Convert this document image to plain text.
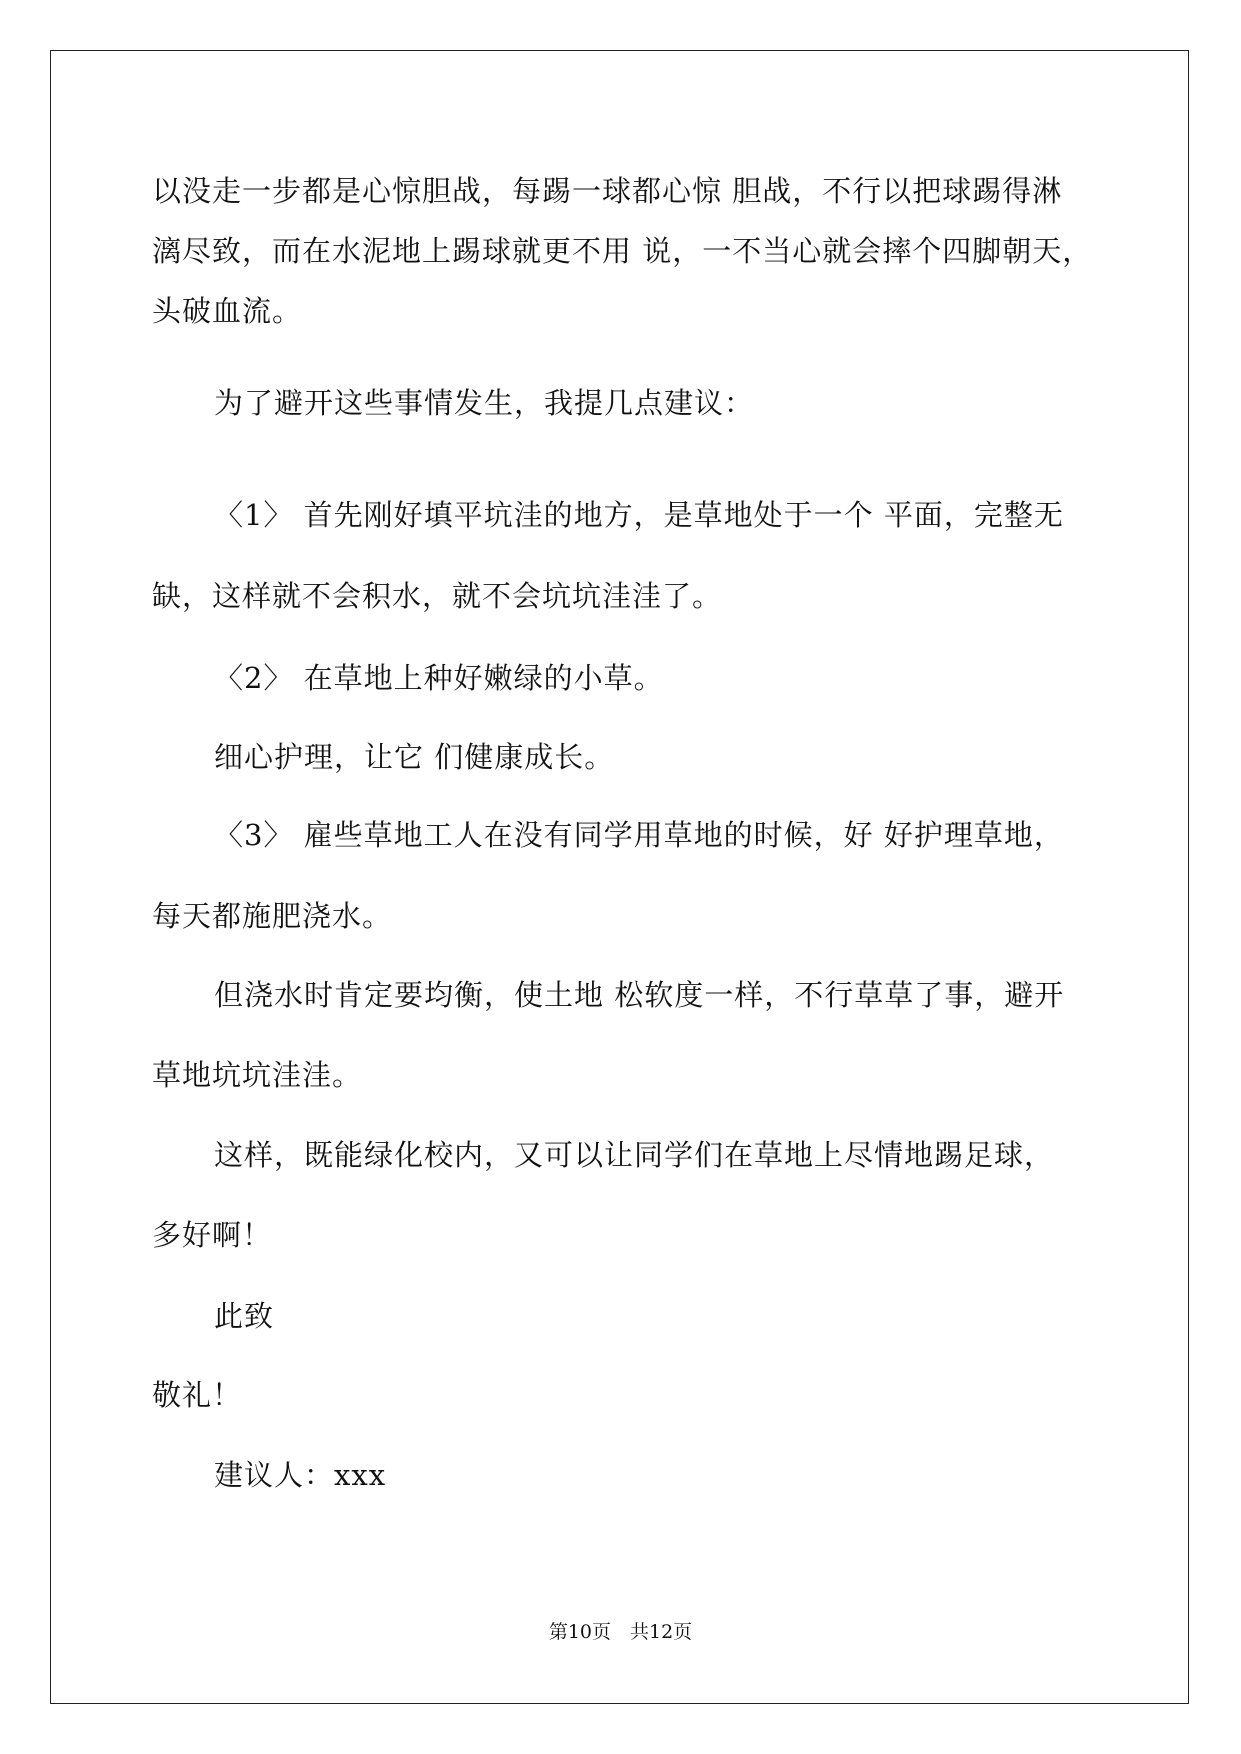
以没走一步都是心惊胆战，每踢一球都心惊 胆战，不行以把球踢得淋
漓尽致，而在水泥地上踢球就更不用 说，一不当心就会摔个四脚朝天，
头破血流。
为了避开这些事情发生，我提几点建议：
〈1〉 首先刚好填平坑洼的地方，是草地处于一个 平面，完整无
缺，这样就不会积水，就不会坑坑洼洼了。
〈2〉 在草地上种好嫩绿的小草。
细心护理，让它 们健康成长。
〈3〉 雇些草地工人在没有同学用草地的时候，好 好护理草地，
每天都施肥浇水。
但浇水时肯定要均衡，使土地 松软度一样，不行草草了事，避开
草地坑坑洼洼。
这样，既能绿化校内，又可以让同学们在草地上尽情地踢足球，
多好啊！
此致
敬礼！
建议人：xxx
第10页　共12页
